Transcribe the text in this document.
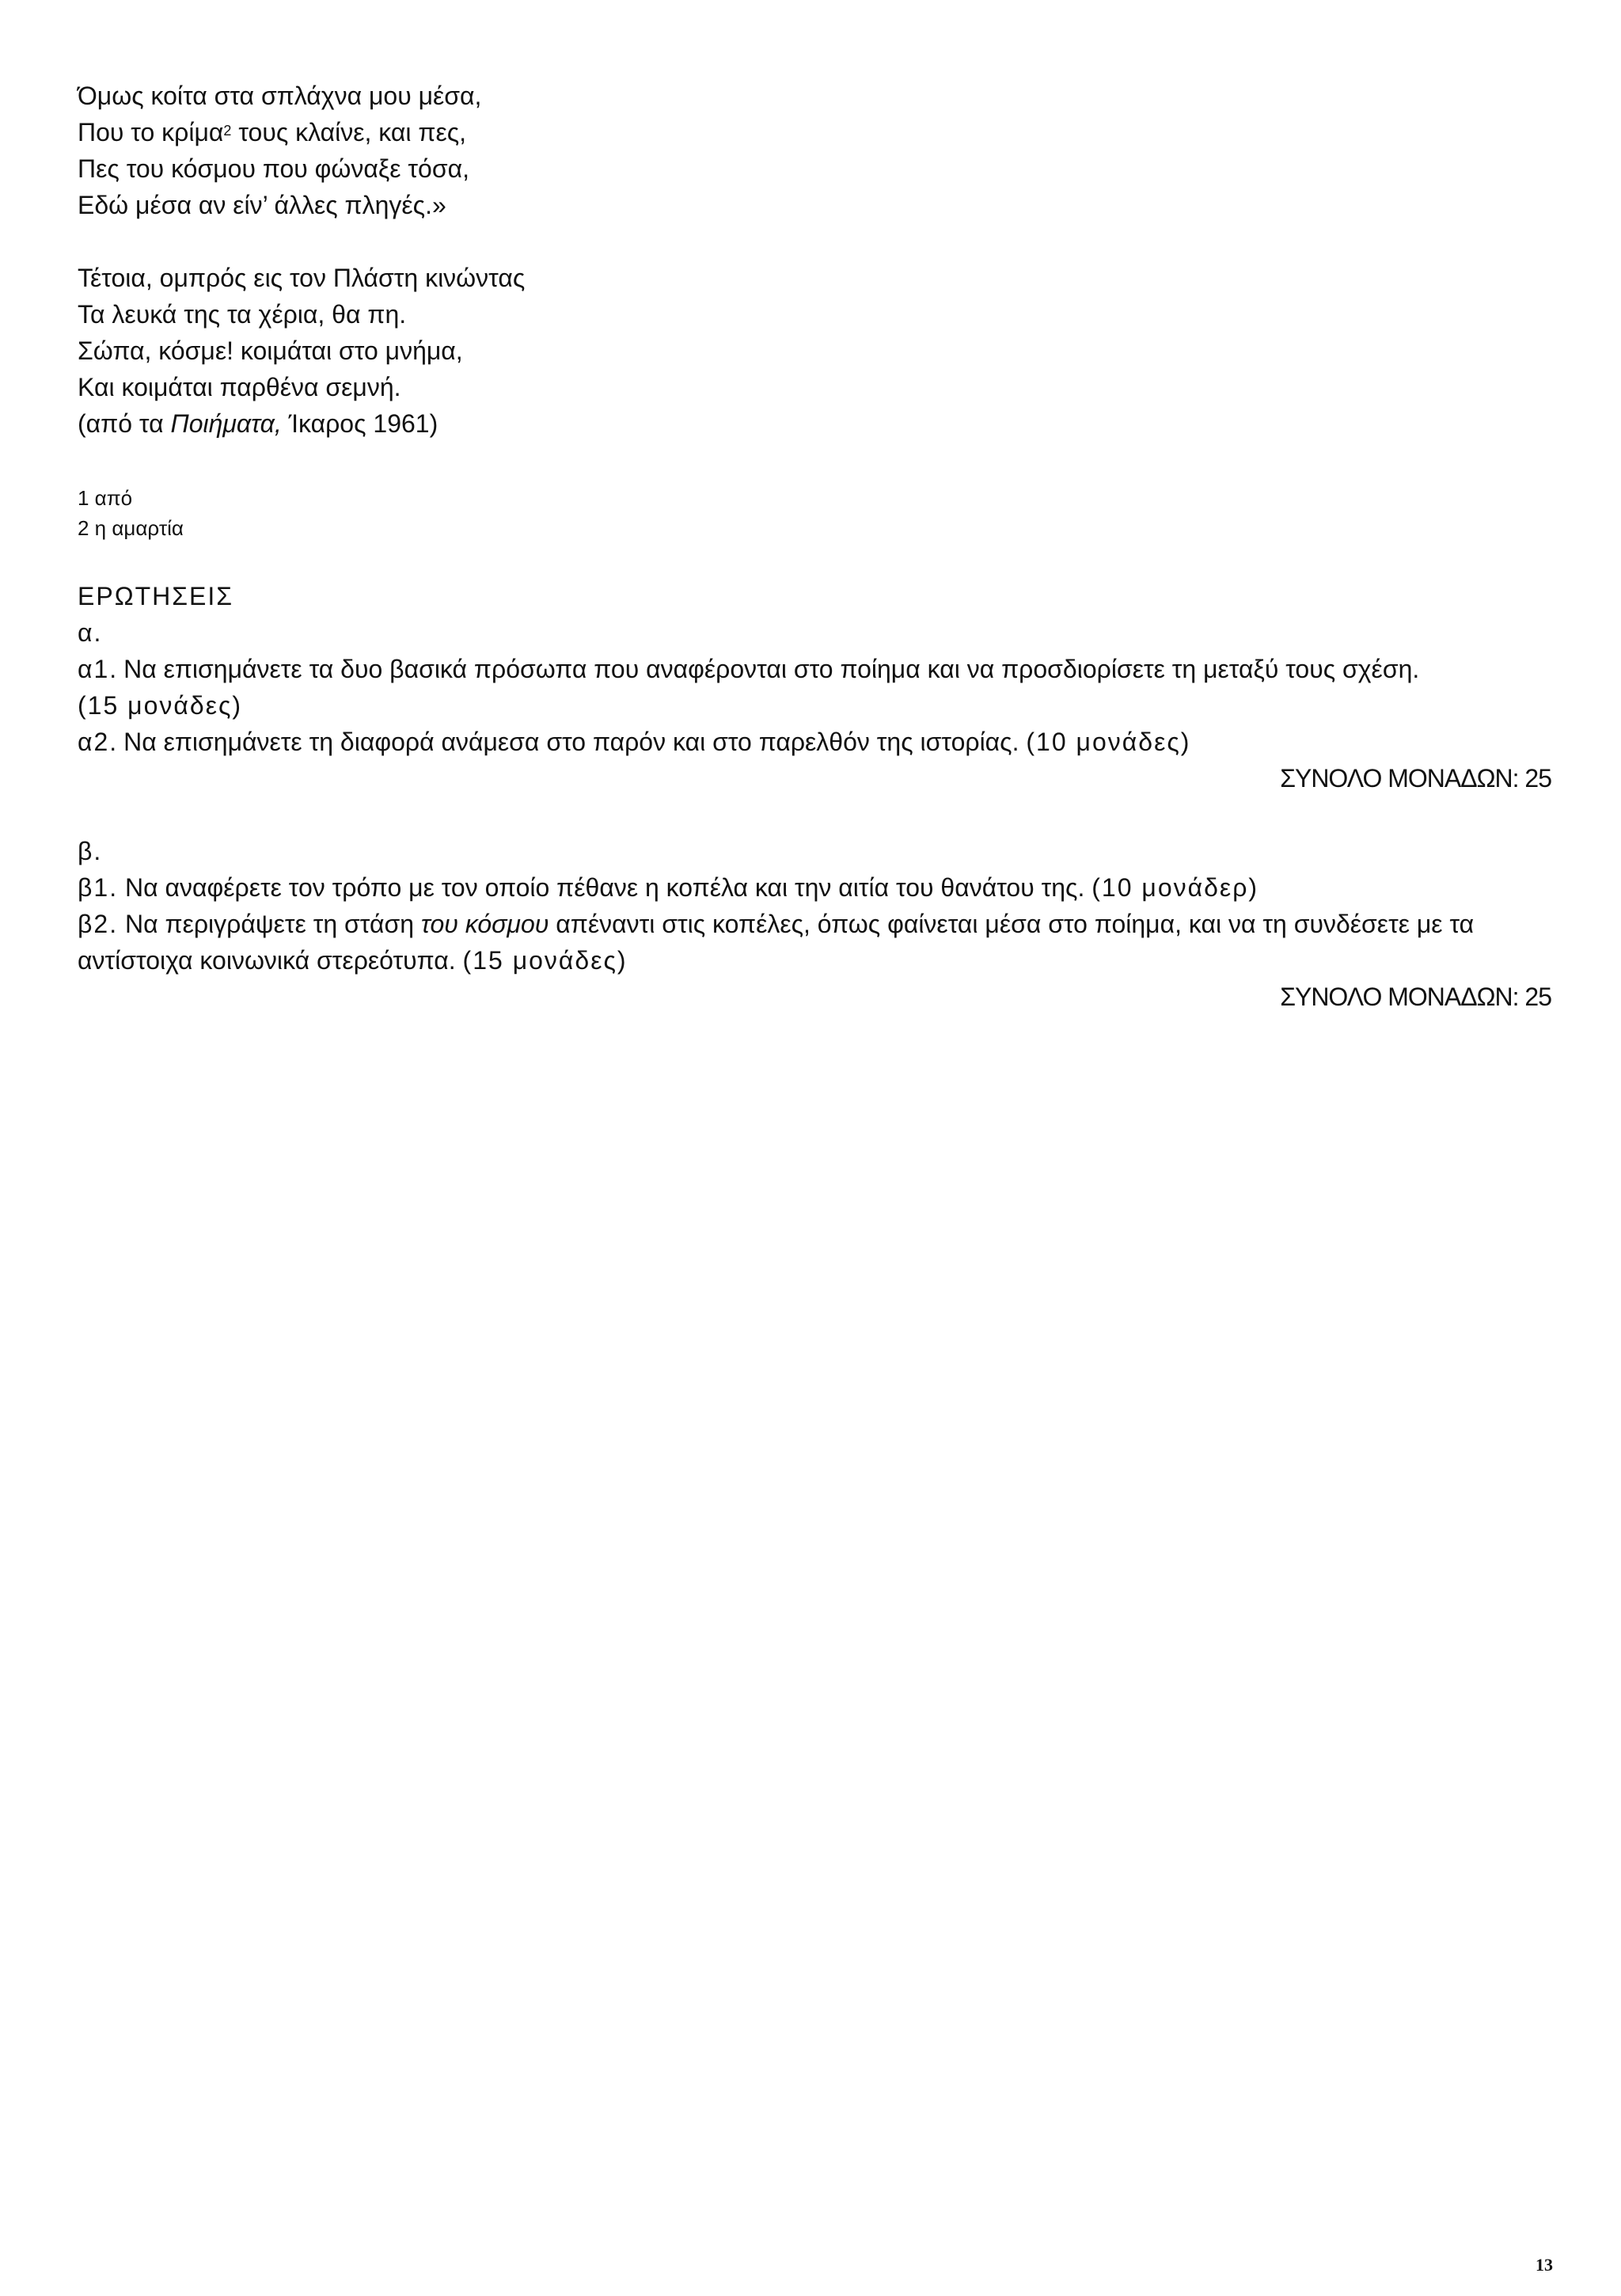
Όμως κοίτα στα σπλάχνα μου μέσα,
Που το κρίμα$^2$ τους κλαίνε, και πες,
Πες του κόσμου που φώναξε τόσα,
Εδώ μέσα αν είν’ άλλες πληγές.»
Τέτοια, ομπρός εις τον Πλάστη κινώντας
Τα λευκά της τα χέρια, θα πη.
Σώπα, κόσμε! κοιμάται στο μνήμα,
Και κοιμάται παρθένα σεμνή.
(από τα Ποιήματα, Ίκαρος 1961)
1 από
2 η αμαρτία

ΕΡΩΤΗΣΕΙΣ

α.

α1. Να επισημάνετε τα δυο βασικά πρόσωπα που αναφέρονται στο ποίημα και να προσδιορίσετε τη μεταξύ τους σχέση.
(15 μονάδες)

α2. Να επισημάνετε τη διαφορά ανάμεσα στο παρόν και στο παρελθόν της ιστορίας. (10 μονάδες)

ΣΥΝΟΛΟ ΜΟΝΑΔΩΝ: 25

β.

β1. Να αναφέρετε τον τρόπο με τον οποίο πέθανε η κοπέλα και την αιτία του θανάτου της. (10 μονάδερ)

β2. Να περιγράψετε τη στάση του κόσμου απέναντι στις κοπέλες, όπως φαίνεται μέσα στο ποίημα, και να τη συνδέσετε με τα αντίστοιχα κοινωνικά στερεότυπα. (15 μονάδες)

ΣΥΝΟΛΟ ΜΟΝΑΔΩΝ: 25

13
